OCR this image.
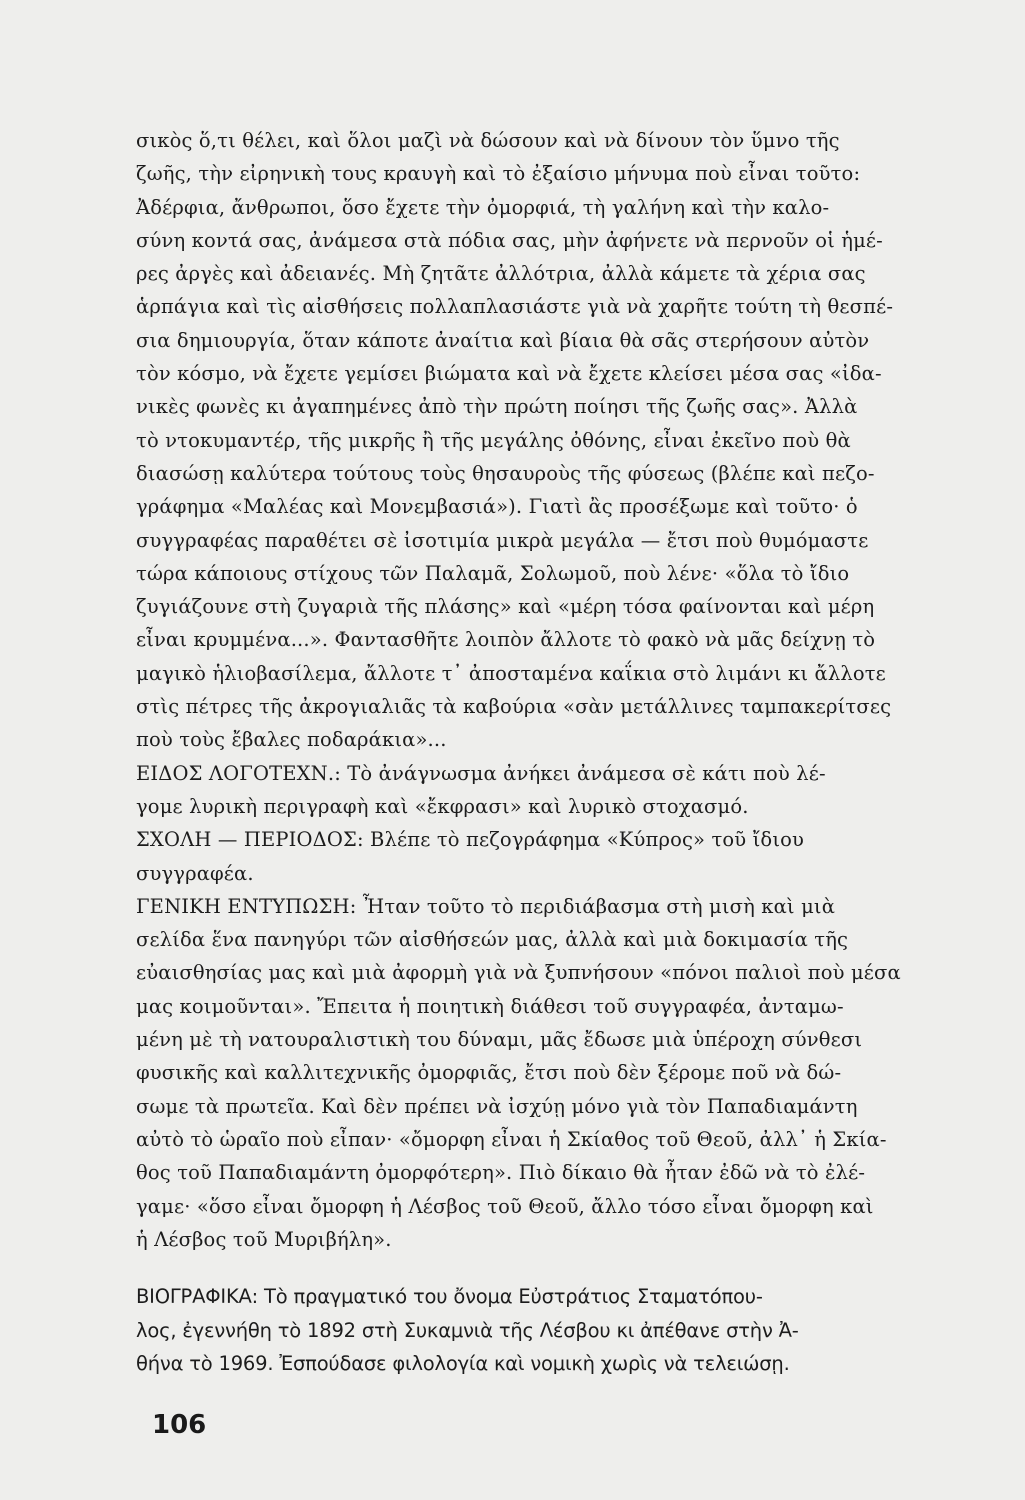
σικὸς ὅ,τι θέλει, καὶ ὅλοι μαζὶ νὰ δώσουν καὶ νὰ δίνουν τὸν ὕμνο τῆς
ζωῆς, τὴν εἰρηνικὴ τους κραυγὴ καὶ τὸ ἐξαίσιο μήνυμα ποὺ εἶναι τοῦτο:
Ἀδέρφια, ἄνθρωποι, ὅσο ἔχετε τὴν ὀμορφιά, τὴ γαλήνη καὶ τὴν καλο-
σύνη κοντά σας, ἀνάμεσα στὰ πόδια σας, μὴν ἀφήνετε νὰ περνοῦν οἱ ἡμέ-
ρες ἀργὲς καὶ ἀδειανές. Μὴ ζητᾶτε ἀλλότρια, ἀλλὰ κάμετε τὰ χέρια σας
ἁρπάγια καὶ τὶς αἰσθήσεις πολλαπλασιάστε γιὰ νὰ χαρῆτε τούτη τὴ θεσπέ-
σια δημιουργία, ὅταν κάποτε ἀναίτια καὶ βίαια θὰ σᾶς στερήσουν αὐτὸν
τὸν κόσμο, νὰ ἔχετε γεμίσει βιώματα καὶ νὰ ἔχετε κλείσει μέσα σας «ἰδα-
νικὲς φωνὲς κι ἀγαπημένες ἀπὸ τὴν πρώτη ποίησι τῆς ζωῆς σας». Ἀλλὰ
τὸ ντοκυμαντέρ, τῆς μικρῆς ἢ τῆς μεγάλης ὀθόνης, εἶναι ἐκεῖνο ποὺ θὰ
διασώσῃ καλύτερα τούτους τοὺς θησαυροὺς τῆς φύσεως (βλέπε καὶ πεζο-
γράφημα «Μαλέας καὶ Μονεμβασιά»). Γιατὶ ἂς προσέξωμε καὶ τοῦτο· ὁ
συγγραφέας παραθέτει σὲ ἰσοτιμία μικρὰ μεγάλα — ἔτσι ποὺ θυμόμαστε
τώρα κάποιους στίχους τῶν Παλαμᾶ, Σολωμοῦ, ποὺ λένε· «ὅλα τὸ ἴδιο
ζυγιάζουνε στὴ ζυγαριὰ τῆς πλάσης» καὶ «μέρη τόσα φαίνονται καὶ μέρη
εἶναι κρυμμένα...». Φαντασθῆτε λοιπὸν ἄλλοτε τὸ φακὸ νὰ μᾶς δείχνῃ τὸ
μαγικὸ ἡλιοβασίλεμα, ἄλλοτε τ᾽ ἀποσταμένα καΐκια στὸ λιμάνι κι ἄλλοτε
στὶς πέτρες τῆς ἀκρογιαλιᾶς τὰ καβούρια «σὰν μετάλλινες ταμπακερίτσες
ποὺ τοὺς ἔβαλες ποδαράκια»...
ΕΙΔΟΣ ΛΟΓΟΤΕΧΝ.: Τὸ ἀνάγνωσμα ἀνήκει ἀνάμεσα σὲ κάτι ποὺ λέ-
γομε λυρικὴ περιγραφὴ καὶ «ἔκφρασι» καὶ λυρικὸ στοχασμό.
ΣΧΟΛΗ — ΠΕΡΙΟΔΟΣ: Βλέπε τὸ πεζογράφημα «Κύπρος» τοῦ ἴδιου
συγγραφέα.
ΓΕΝΙΚΗ ΕΝΤΥΠΩΣΗ: Ἦταν τοῦτο τὸ περιδιάβασμα στὴ μισὴ καὶ μιὰ
σελίδα ἕνα πανηγύρι τῶν αἰσθήσεών μας, ἀλλὰ καὶ μιὰ δοκιμασία τῆς
εὐαισθησίας μας καὶ μιὰ ἀφορμὴ γιὰ νὰ ξυπνήσουν «πόνοι παλιοὶ ποὺ μέσα
μας κοιμοῦνται». Ἔπειτα ἡ ποιητικὴ διάθεσι τοῦ συγγραφέα, ἀνταμω-
μένη μὲ τὴ νατουραλιστικὴ του δύναμι, μᾶς ἔδωσε μιὰ ὑπέροχη σύνθεσι
φυσικῆς καὶ καλλιτεχνικῆς ὀμορφιᾶς, ἔτσι ποὺ δὲν ξέρομε ποῦ νὰ δώ-
σωμε τὰ πρωτεῖα. Καὶ δὲν πρέπει νὰ ἰσχύῃ μόνο γιὰ τὸν Παπαδιαμάντη
αὐτὸ τὸ ὡραῖο ποὺ εἶπαν· «ὄμορφη εἶναι ἡ Σκίαθος τοῦ Θεοῦ, ἀλλ᾽ ἡ Σκία-
θος τοῦ Παπαδιαμάντη ὀμορφότερη». Πιὸ δίκαιο θὰ ἦταν ἐδῶ νὰ τὸ ἐλέ-
γαμε· «ὅσο εἶναι ὄμορφη ἡ Λέσβος τοῦ Θεοῦ, ἄλλο τόσο εἶναι ὄμορφη καὶ
ἡ Λέσβος τοῦ Μυριβήλη».
ΒΙΟΓΡΑΦΙΚΑ: Τὸ πραγματικό του ὄνομα Εὐστράτιος Σταματόπου-
λος, ἐγεννήθη τὸ 1892 στὴ Συκαμνιὰ τῆς Λέσβου κι ἀπέθανε στὴν Ἀ-
θήνα τὸ 1969. Ἐσπούδασε φιλολογία καὶ νομικὴ χωρὶς νὰ τελειώσῃ.
106
